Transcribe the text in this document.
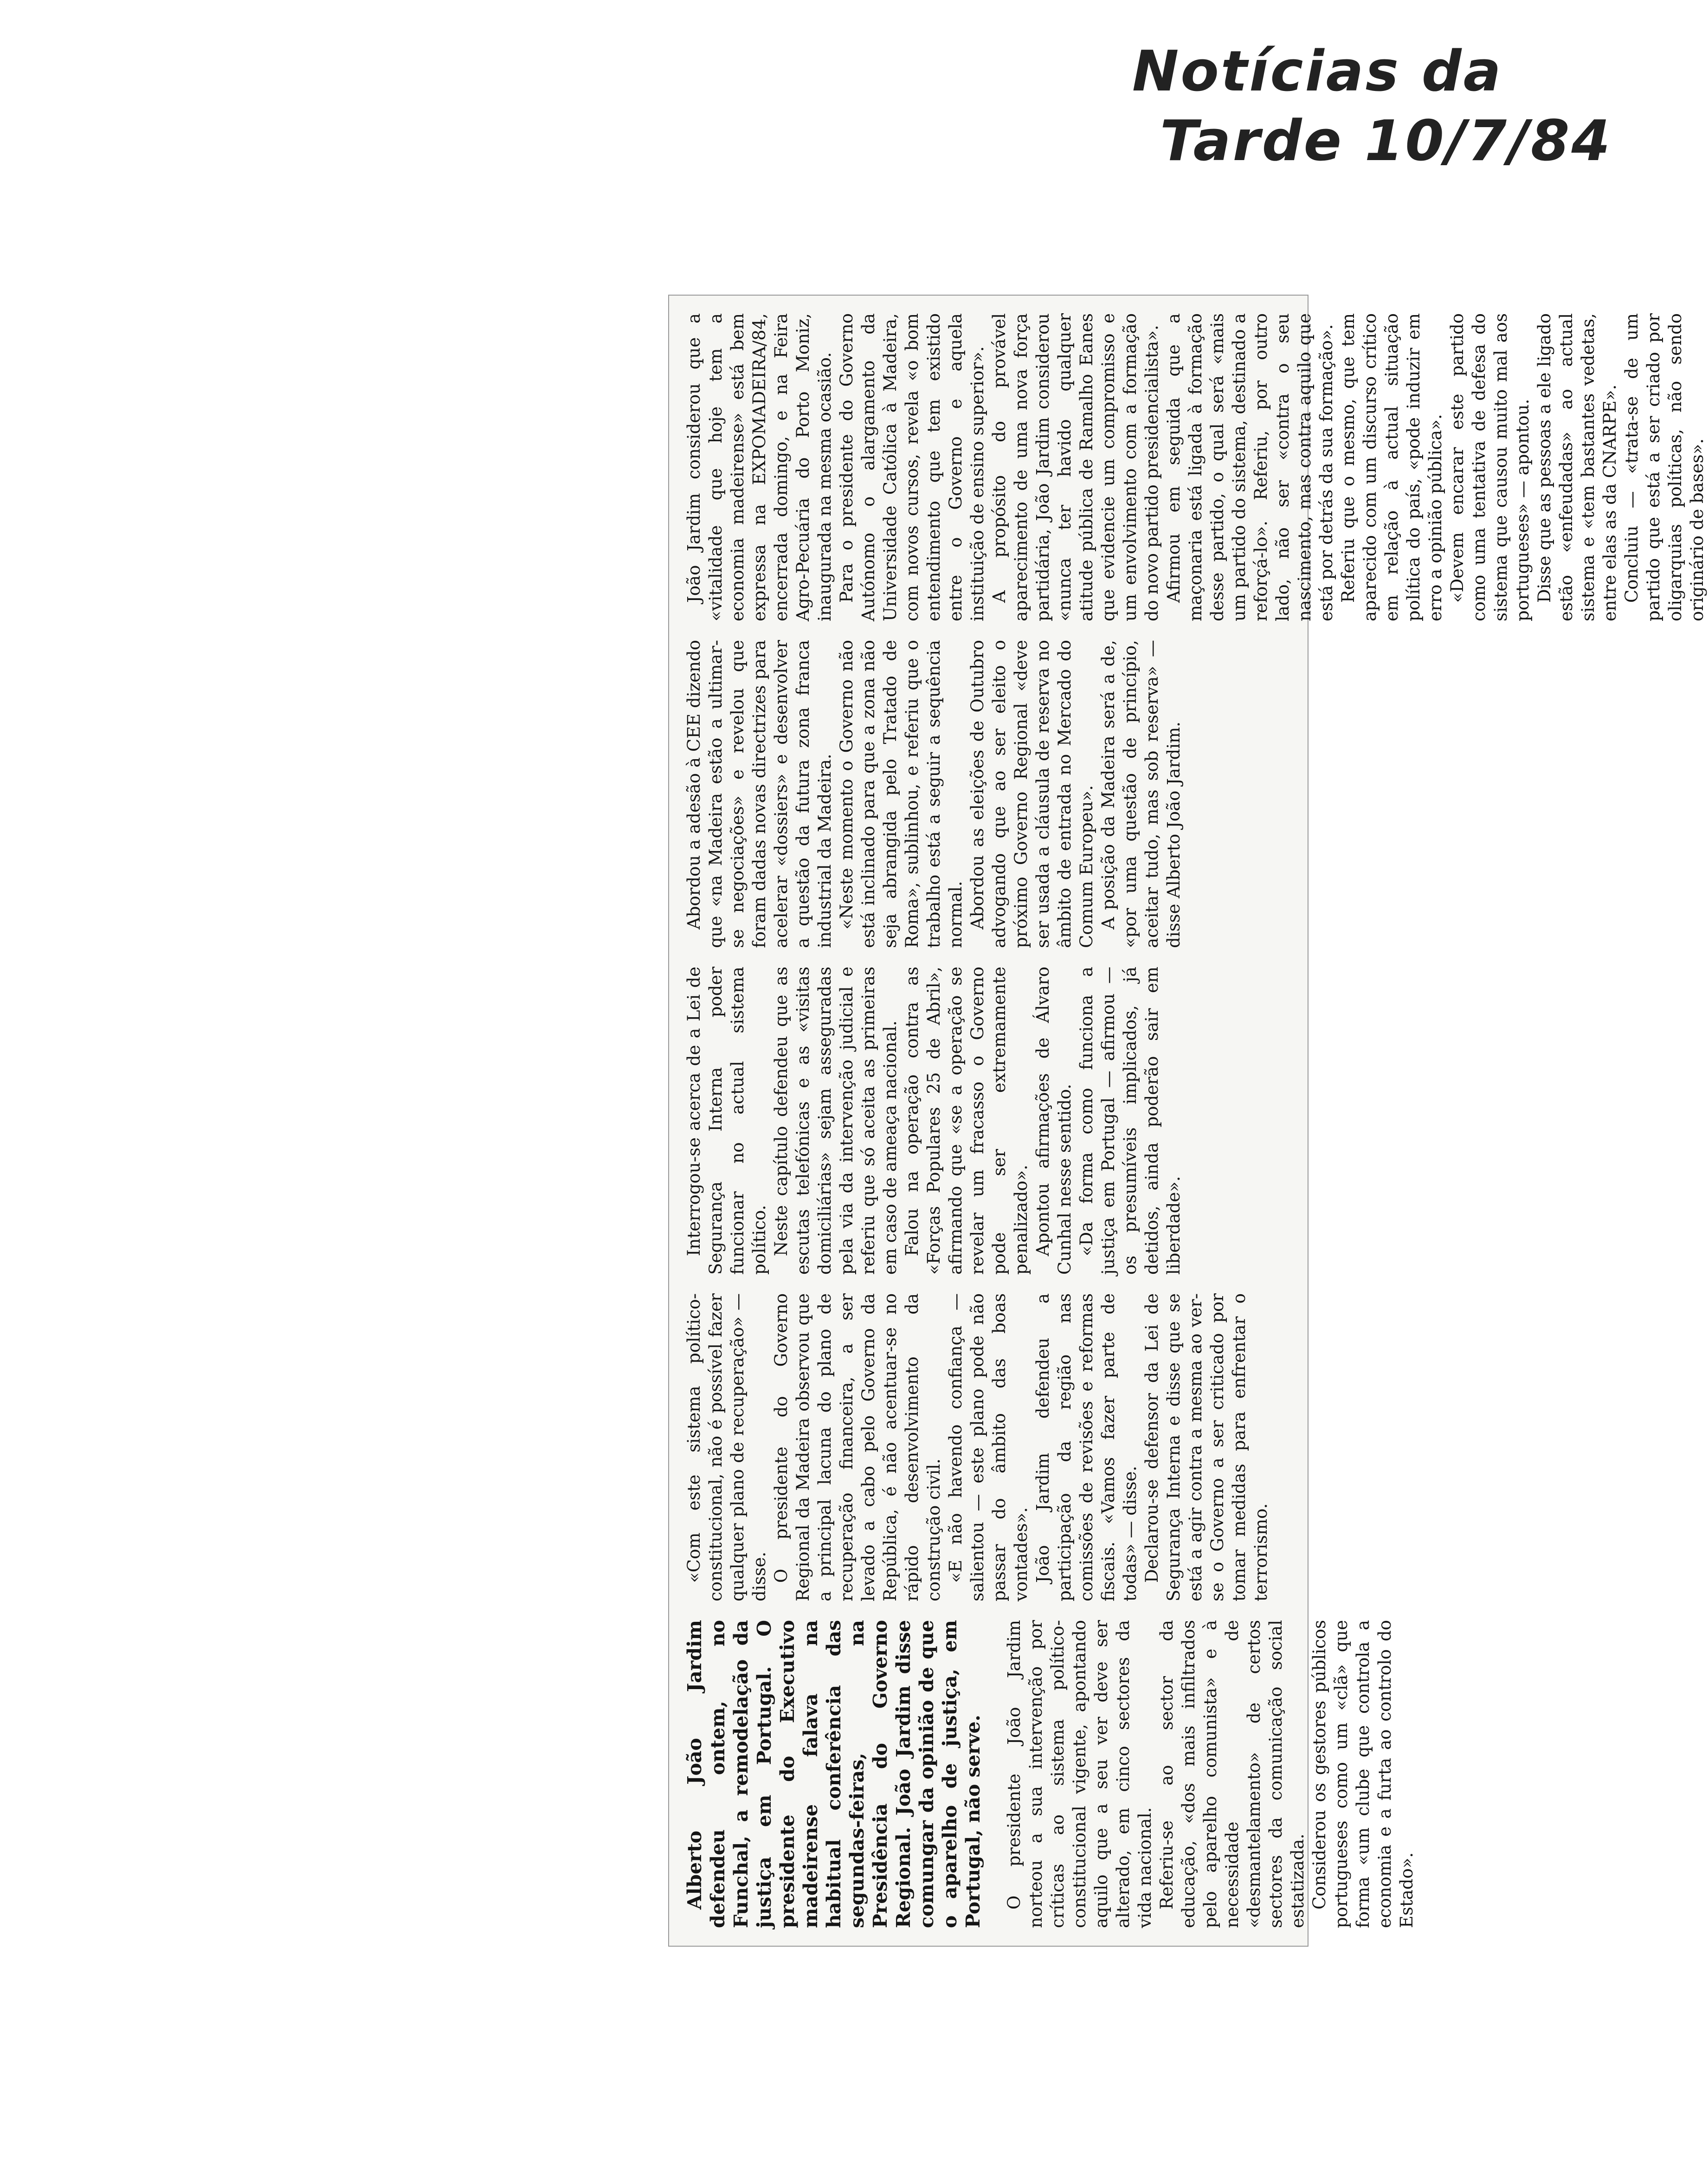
Notícias da
Tarde 10/7/84
Alberto João Jardim defendeu ontem, no Funchal, a remodelação da justiça em Portugal. O presidente do Executivo madeirense falava na habitual conferência das segundas-feiras, na Presidência do Governo Regional. João Jardim disse comungar da opinião de que o aparelho de justiça, em Portugal, não serve. O presidente João Jardim norteou a sua intervenção por críticas ao sistema político-constitucional vigente, apontando aquilo que a seu ver deve ser alterado, em cinco sectores da vida nacional. Referiu-se ao sector da educação, «dos mais infiltrados pelo aparelho comunista» e à necessidade de «desmantelamento» de certos sectores da comunicação social estatizada. Considerou os gestores públicos portugueses como um «clã» que forma «um clube que controla a economia e a furta ao controlo do Estado».

«Com este sistema político-constitucional, não é possível fazer qualquer plano de recuperação» — disse. O presidente do Governo Regional da Madeira observou que a principal lacuna do plano de recuperação financeira, a ser levado a cabo pelo Governo da República, é não acentuar-se no rápido desenvolvimento da construção civil. «E não havendo confiança — salientou — este plano pode não passar do âmbito das boas vontades». João Jardim defendeu a participação da região nas comissões de revisões e reformas fiscais. «Vamos fazer parte de todas» — disse. Declarou-se defensor da Lei de Segurança Interna e disse que se está a agir contra a mesma ao ver-se o Governo a ser criticado por tomar medidas para enfrentar o terrorismo.

Interrogou-se acerca de a Lei de Segurança Interna poder funcionar no actual sistema político. Neste capítulo defendeu que as escutas telefónicas e as «visitas domiciliárias» sejam asseguradas pela via da intervenção judicial e referiu que só aceita as primeiras em caso de ameaça nacional. Falou na operação contra as «Forças Populares 25 de Abril», afirmando que «se a operação se revelar um fracasso o Governo pode ser extremamente penalizado». Apontou afirmações de Álvaro Cunhal nesse sentido. «Da forma como funciona a justiça em Portugal — afirmou — os presumíveis implicados, já detidos, ainda poderão sair em liberdade».

Abordou a adesão à CEE dizendo que «na Madeira estão a ultimar-se negociações» e revelou que foram dadas novas directrizes para acelerar «dossiers» e desenvolver a questão da futura zona franca industrial da Madeira. «Neste momento o Governo não está inclinado para que a zona não seja abrangida pelo Tratado de Roma», sublinhou, e referiu que o trabalho está a seguir a sequência normal. Abordou as eleições de Outubro advogando que ao ser eleito o próximo Governo Regional «deve ser usada a cláusula de reserva no âmbito de entrada no Mercado do Comum Europeu». A posição da Madeira será a de, «por uma questão de princípio, aceitar tudo, mas sob reserva» — disse Alberto João Jardim.

João Jardim considerou que a «vitalidade que hoje tem a economia madeirense» está bem expressa na EXPOMADEIRA/84, encerrada domingo, e na Feira Agro-Pecuária do Porto Moniz, inaugurada na mesma ocasião. Para o presidente do Governo Autónomo o alargamento da Universidade Católica à Madeira, com novos cursos, revela «o bom entendimento que tem existido entre o Governo e aquela instituição de ensino superior». A propósito do provável aparecimento de uma nova força partidária, João Jardim considerou «nunca ter havido qualquer atitude pública de Ramalho Eanes que evidencie um compromisso e um envolvimento com a formação do novo partido presidencialista». Afirmou em seguida que a maçonaria está ligada à formação desse partido, o qual será «mais um partido do sistema, destinado a reforçá-lo». Referiu, por outro lado, não ser «contra o seu nascimento, mas contra aquilo que está por detrás da sua formação». Referiu que o mesmo, que tem aparecido com um discurso crítico em relação à actual situação política do país, «pode induzir em erro a opinião pública». «Devem encarar este partido como uma tentativa de defesa do sistema que causou muito mal aos portugueses» — apontou. Disse que as pessoas a ele ligado estão «enfeudadas» ao actual sistema e «tem bastantes vedetas, entre elas as da CNARPE». Concluiu — «trata-se de um partido que está a ser criado por oligarquias políticas, não sendo originário de bases».
